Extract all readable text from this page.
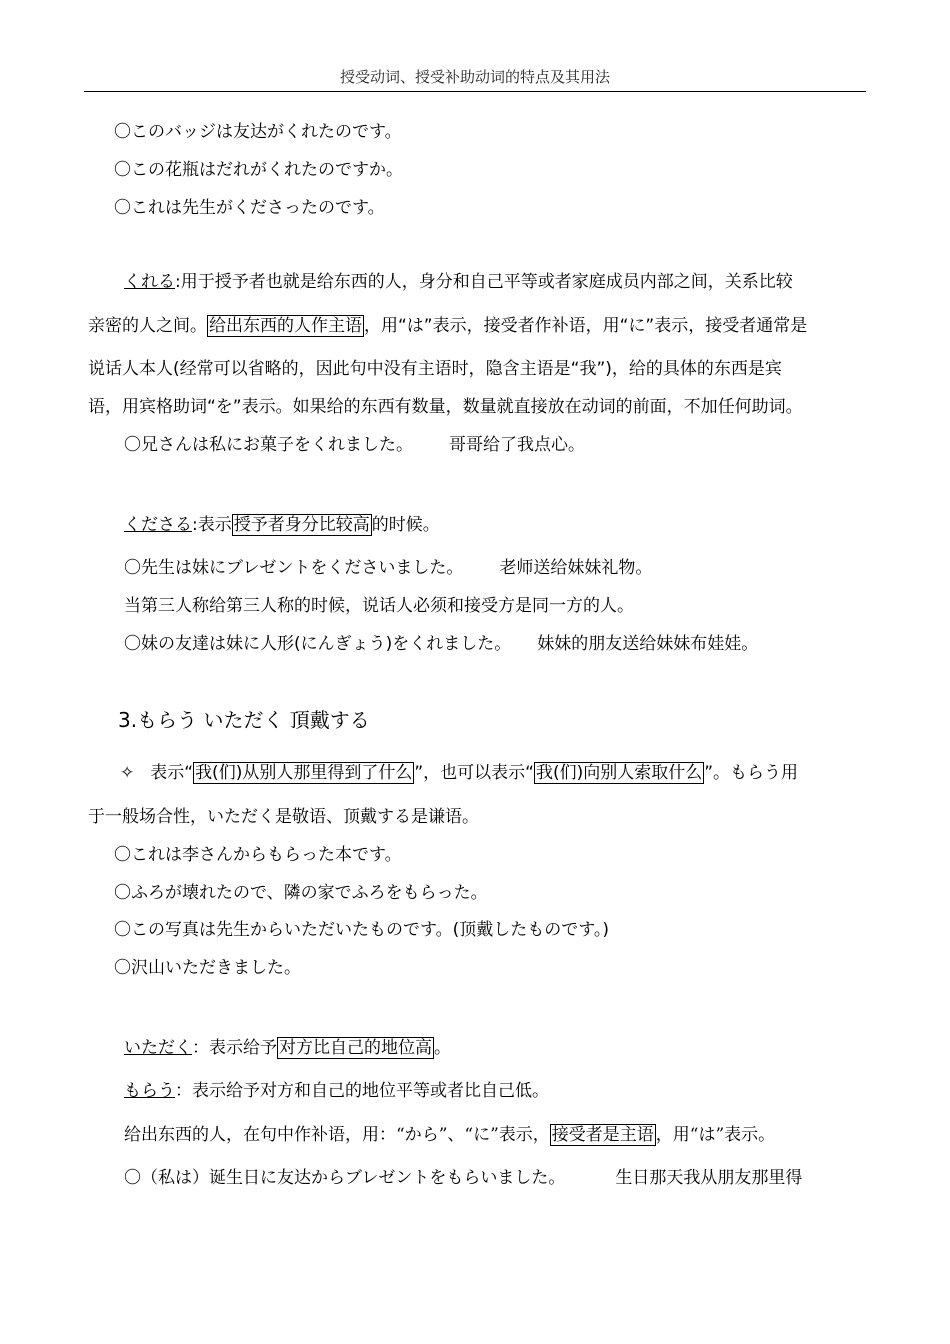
授受动词、授受补助动词的特点及其用法
〇このバッジは友达がくれたのです。
〇この花瓶はだれがくれたのですか。
〇これは先生がくださったのです。
くれる:用于授予者也就是给东西的人，身分和自己平等或者家庭成员内部之间，关系比较
亲密的人之间。 给出东西的人作主语 ，用“は”表示，接受者作补语，用“に”表示，接受者通常是
说话人本人(经常可以省略的，因此句中没有主语时，隐含主语是“我”)，给的具体的东西是宾
语，用宾格助词“を”表示。如果给的东西有数量，数量就直接放在动词的前面，不加任何助词。
〇兄さんは私にお菓子をくれました。 哥哥给了我点心。
くださる:表示 授予者身分比较高 的时候。
〇先生は妹にブレゼントをくださいました。 老师送给妹妹礼物。
当第三人称给第三人称的时候，说话人必须和接受方是同一方的人。
〇妹の友達は妹に人形(にんぎょう)をくれました。 妹妹的朋友送给妹妹布娃娃。
3.もらう いただく 頂戴する
✧ 表示“ 我(们)从别人那里得到了什么 ”，也可以表示“ 我(们)向别人索取什么 ”。もらう用
于一般场合性，いただく是敬语、顶戴する是谦语。
〇これは李さんからもらった本です。
〇ふろが壊れたので、隣の家でふろをもらった。
〇この写真は先生からいただいたものです。(顶戴したものです。)
〇沢山いただきました。
いただく：表示给予 对方比自己的地位高 。
もらう：表示给予对方和自己的地位平等或者比自己低。
给出东西的人，在句中作补语，用：“から”、“に”表示， 接受者是主语 ，用“は”表示。
〇（私は）诞生日に友达からブレゼントをもらいました。	生日那天我从朋友那里得
